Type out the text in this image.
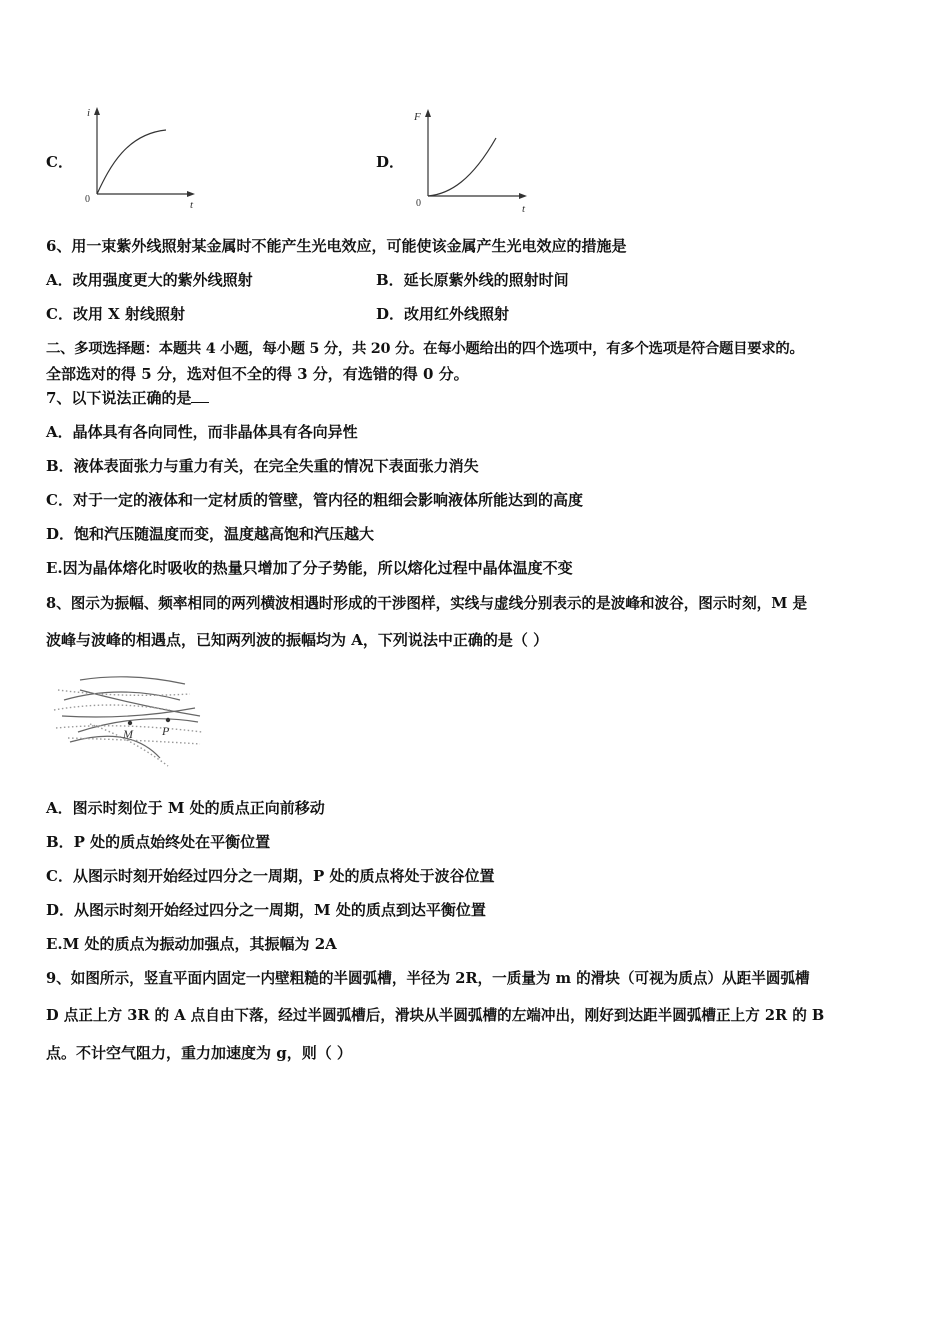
C．
i
t
0
D．
F
t
0
6、用一束紫外线照射某金属时不能产生光电效应，可能使该金属产生光电效应的措施是
A．改用强度更大的紫外线照射	B．延长原紫外线的照射时间
C．改用 X 射线照射	D．改用红外线照射
二、多项选择题：本题共 4 小题，每小题 5 分，共 20 分。在每小题给出的四个选项中，有多个选项是符合题目要求的。
全部选对的得 5 分，选对但不全的得 3 分，有选错的得 0 分。
7、以下说法正确的是
A．晶体具有各向同性，而非晶体具有各向异性
B．液体表面张力与重力有关，在完全失重的情况下表面张力消失
C．对于一定的液体和一定材质的管壁，管内径的粗细会影响液体所能达到的高度
D．饱和汽压随温度而变，温度越高饱和汽压越大
E.因为晶体熔化时吸收的热量只增加了分子势能，所以熔化过程中晶体温度不变
8、图示为振幅、频率相同的两列横波相遇时形成的干涉图样，实线与虚线分别表示的是波峰和波谷，图示时刻，M 是
波峰与波峰的相遇点，已知两列波的振幅均为 A，下列说法中正确的是（ ）
M P
A．图示时刻位于 M 处的质点正向前移动
B．P 处的质点始终处在平衡位置
C．从图示时刻开始经过四分之一周期，P 处的质点将处于波谷位置
D．从图示时刻开始经过四分之一周期，M 处的质点到达平衡位置
E.M 处的质点为振动加强点，其振幅为 2A
9、如图所示，竖直平面内固定一内壁粗糙的半圆弧槽，半径为 2R，一质量为 m 的滑块（可视为质点）从距半圆弧槽
D 点正上方 3R 的 A 点自由下落，经过半圆弧槽后，滑块从半圆弧槽的左端冲出，刚好到达距半圆弧槽正上方 2R 的 B
点。不计空气阻力，重力加速度为 g，则（ ）
